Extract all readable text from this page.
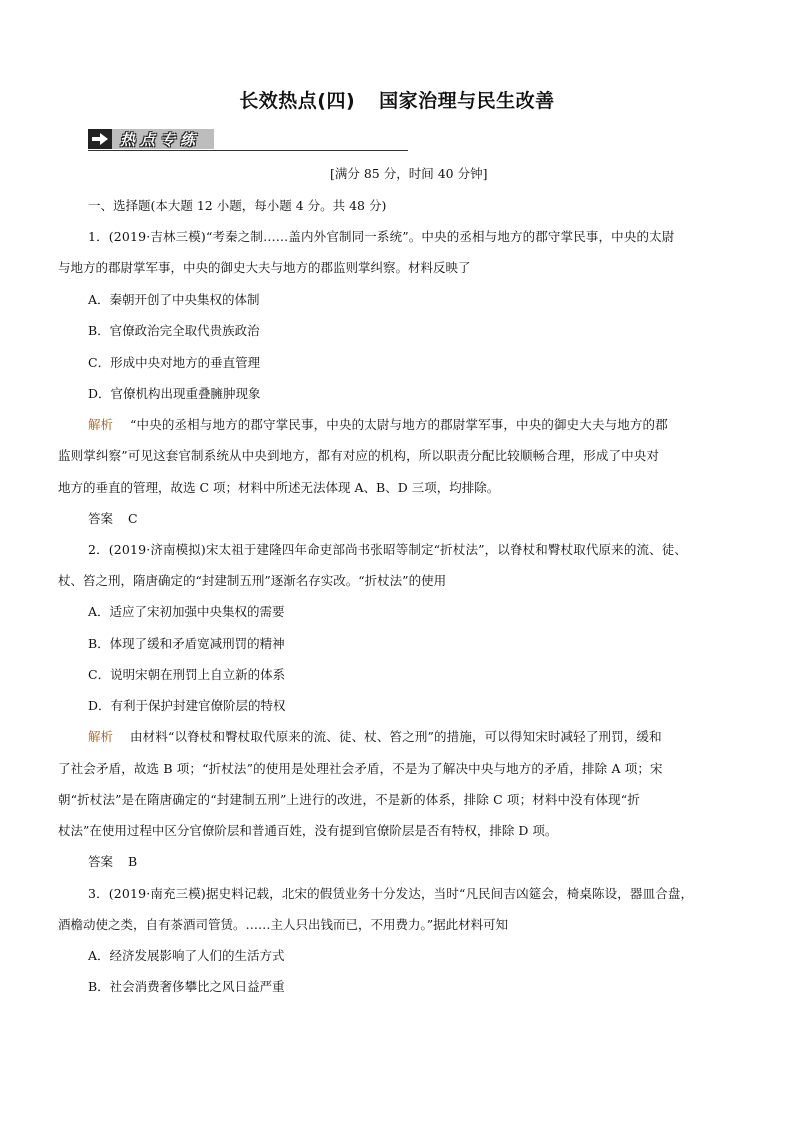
长效热点(四) 国家治理与民生改善
热点专练
[满分 85 分，时间 40 分钟]
一、选择题(本大题 12 小题，每小题 4 分。共 48 分)
1．(2019·吉林三模)“考秦之制……盖内外官制同一系统”。中央的丞相与地方的郡守掌民事，中央的太尉
与地方的郡尉掌军事，中央的御史大夫与地方的郡监则掌纠察。材料反映了
A．秦朝开创了中央集权的体制
B．官僚政治完全取代贵族政治
C．形成中央对地方的垂直管理
D．官僚机构出现重叠臃肿现象
解析 “中央的丞相与地方的郡守掌民事，中央的太尉与地方的郡尉掌军事，中央的御史大夫与地方的郡
监则掌纠察”可见这套官制系统从中央到地方，都有对应的机构，所以职责分配比较顺畅合理，形成了中央对
地方的垂直的管理，故选 C 项；材料中所述无法体现 A、B、D 三项，均排除。
答案 C
2．(2019·济南模拟)宋太祖于建隆四年命吏部尚书张昭等制定“折杖法”，以脊杖和臀杖取代原来的流、徒、
杖、笞之刑，隋唐确定的“封建制五刑”逐渐名存实改。“折杖法”的使用
A．适应了宋初加强中央集权的需要
B．体现了缓和矛盾宽减刑罚的精神
C．说明宋朝在刑罚上自立新的体系
D．有利于保护封建官僚阶层的特权
解析 由材料“以脊杖和臀杖取代原来的流、徒、杖、笞之刑”的措施，可以得知宋时减轻了刑罚，缓和
了社会矛盾，故选 B 项；“折杖法”的使用是处理社会矛盾，不是为了解决中央与地方的矛盾，排除 A 项；宋
朝“折杖法”是在隋唐确定的“封建制五刑”上进行的改进，不是新的体系，排除 C 项；材料中没有体现“折
杖法”在使用过程中区分官僚阶层和普通百姓，没有提到官僚阶层是否有特权，排除 D 项。
答案 B
3．(2019·南充三模)据史料记载，北宋的假赁业务十分发达，当时“凡民间吉凶筵会，椅桌陈设，器皿合盘，
酒檐动使之类，自有茶酒司管赁。……主人只出钱而已，不用费力。”据此材料可知
A．经济发展影响了人们的生活方式
B．社会消费奢侈攀比之风日益严重
